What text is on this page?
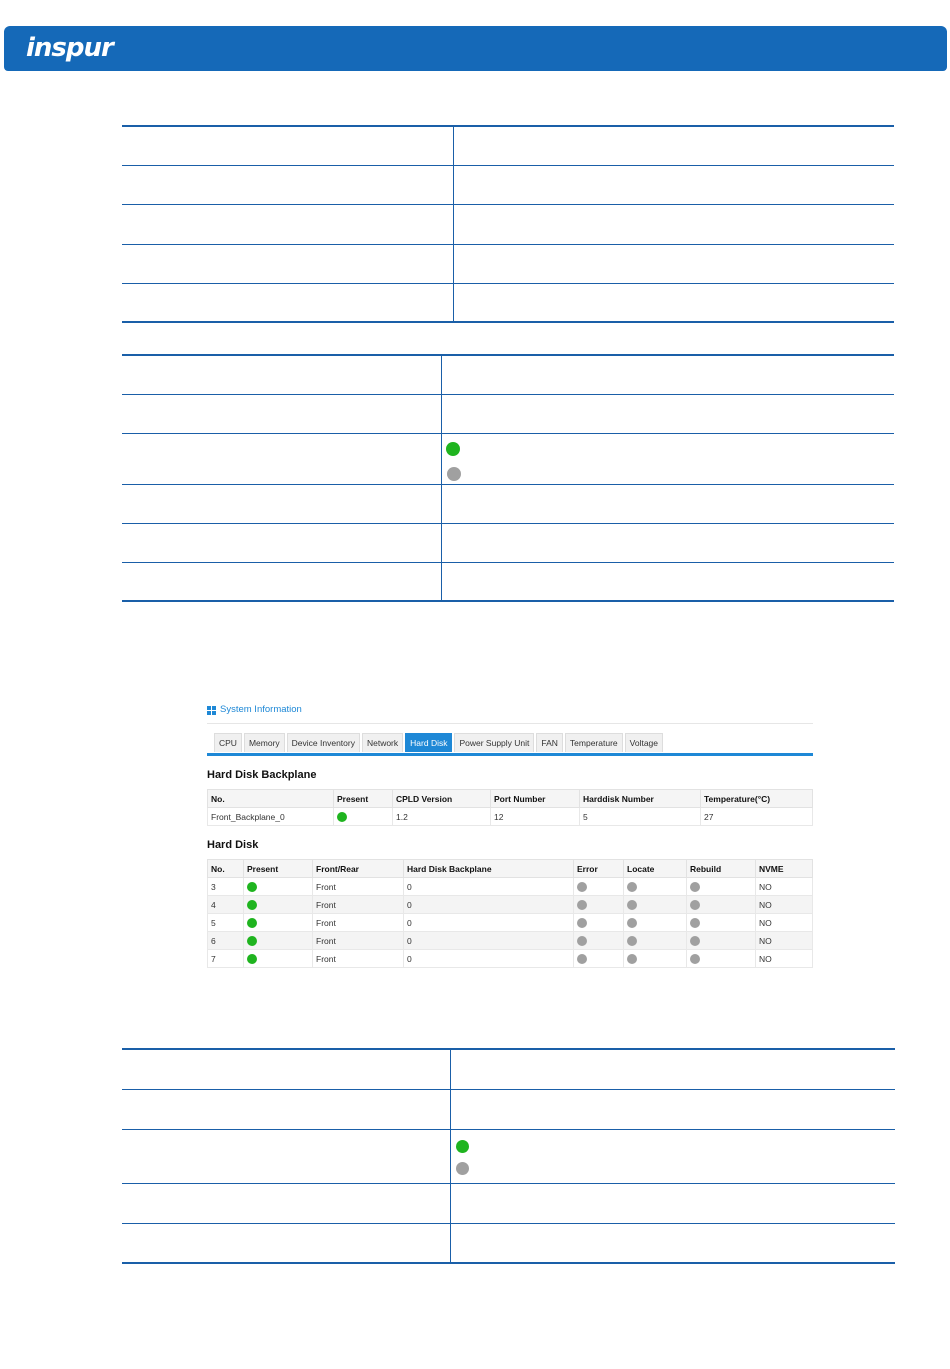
inspur

System Information
CPU	Memory	Device Inventory	Network	Hard Disk	Power Supply Unit	FAN	Temperature	Voltage
Hard Disk Backplane
No.	Present	CPLD Version	Port Number	Harddisk Number	Temperature(°C)
Front_Backplane_0		1.2	12	5	27
Hard Disk
No.	Present	Front/Rear	Hard Disk Backplane	Error	Locate	Rebuild	NVME
3		Front	0				NO
4		Front	0				NO
5		Front	0				NO
6		Front	0				NO
7		Front	0				NO
